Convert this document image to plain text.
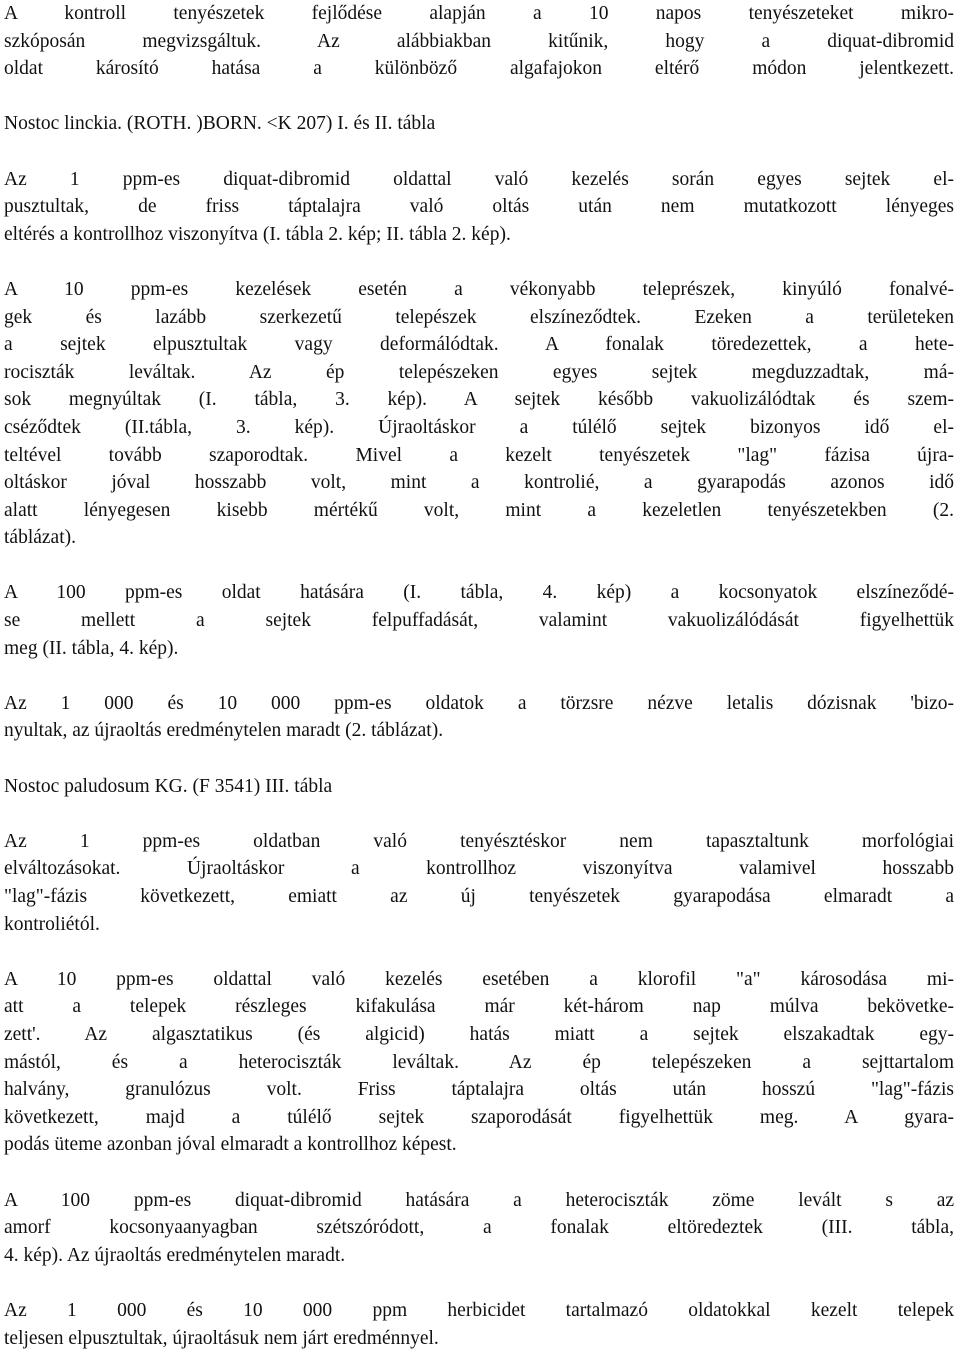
A kontroll tenyészetek fejlődése alapján a 10 napos tenyészeteket mikro-
szkóposán megvizsgáltuk. Az alábbiakban kitűnik, hogy a diquat-dibromid
oldat károsító hatása a különböző algafajokon eltérő módon jelentkezett.
Nostoc linckia. (ROTH. )BORN. <K 207) I. és II. tábla
Az 1 ppm-es diquat-dibromid oldattal való kezelés során egyes sejtek el-
pusztultak, de friss táptalajra való oltás után nem mutatkozott lényeges
eltérés a kontrollhoz viszonyítva (I. tábla 2. kép; II. tábla 2. kép).
A 10 ppm-es kezelések esetén a vékonyabb teleprészek, kinyúló fonalvé-
gek és lazább szerkezetű telepészek elszíneződtek. Ezeken a területeken
a sejtek elpusztultak vagy deformálódtak. A fonalak töredezettek, a hete-
rociszták leváltak. Az ép telepészeken egyes sejtek megduzzadtak, má-
sok megnyúltak (I. tábla, 3. kép). A sejtek később vakuolizálódtak és szem-
cséződtek (II.tábla, 3. kép). Újraoltáskor a túlélő sejtek bizonyos idő el-
teltével tovább szaporodtak. Mivel a kezelt tenyészetek "lag" fázisa újra-
oltáskor jóval hosszabb volt, mint a kontrolié, a gyarapodás azonos idő
alatt lényegesen kisebb mértékű volt, mint a kezeletlen tenyészetekben (2.
táblázat).
A 100 ppm-es oldat hatására (I. tábla, 4. kép) a kocsonyatok elszíneződé-
se mellett a sejtek felpuffadását, valamint vakuolizálódását figyelhettük
meg (II. tábla, 4. kép).
Az 1 000 és 10 000 ppm-es oldatok a törzsre nézve letalis dózisnak 'bizo-
nyultak, az újraoltás eredménytelen maradt (2. táblázat).
Nostoc paludosum KG. (F 3541) III. tábla
Az 1 ppm-es oldatban való tenyésztéskor nem tapasztaltunk morfológiai
elváltozásokat. Újraoltáskor a kontrollhoz viszonyítva valamivel hosszabb
"lag"-fázis következett, emiatt az új tenyészetek gyarapodása elmaradt a
kontroliétól.
A 10 ppm-es oldattal való kezelés esetében a klorofil "a" károsodása mi-
att a telepek részleges kifakulása már két-három nap múlva bekövetke-
zett'. Az algasztatikus (és algicid) hatás miatt a sejtek elszakadtak egy-
mástól, és a heterociszták leváltak. Az ép telepészeken a sejttartalom
halvány, granulózus volt. Friss táptalajra oltás után hosszú "lag"-fázis
következett, majd a túlélő sejtek szaporodását figyelhettük meg. A gyara-
podás üteme azonban jóval elmaradt a kontrollhoz képest.
A 100 ppm-es diquat-dibromid hatására a heterociszták zöme levált s az
amorf kocsonyaanyagban szétszóródott, a fonalak eltöredeztek (III. tábla,
4. kép). Az újraoltás eredménytelen maradt.
Az 1 000 és 10 000 ppm herbicidet tartalmazó oldatokkal kezelt telepek
teljesen elpusztultak, újraoltásuk nem járt eredménnyel.
